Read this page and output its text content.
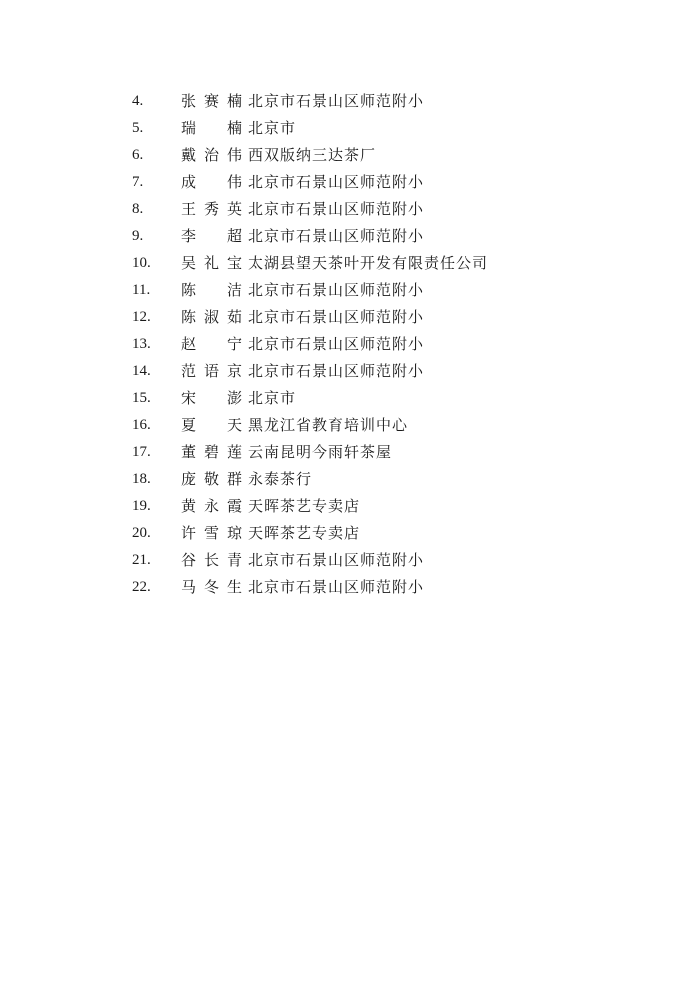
4.	张赛楠 北京市石景山区师范附小
5.	瑞 楠 北京市
6.	戴治伟 西双版纳三达茶厂
7.	成 伟 北京市石景山区师范附小
8.	王秀英 北京市石景山区师范附小
9.	李 超 北京市石景山区师范附小
10. 吴礼宝 太湖县望天茶叶开发有限责任公司
11. 陈 洁 北京市石景山区师范附小
12. 陈淑茹 北京市石景山区师范附小
13. 赵 宁 北京市石景山区师范附小
14. 范语京 北京市石景山区师范附小
15. 宋 澎 北京市
16. 夏 天 黑龙江省教育培训中心
17. 董碧莲 云南昆明今雨轩茶屋
18. 庞敬群 永泰茶行
19. 黄永霞 天晖茶艺专卖店
20. 许雪琼 天晖茶艺专卖店
21. 谷长青 北京市石景山区师范附小
22. 马冬生 北京市石景山区师范附小
